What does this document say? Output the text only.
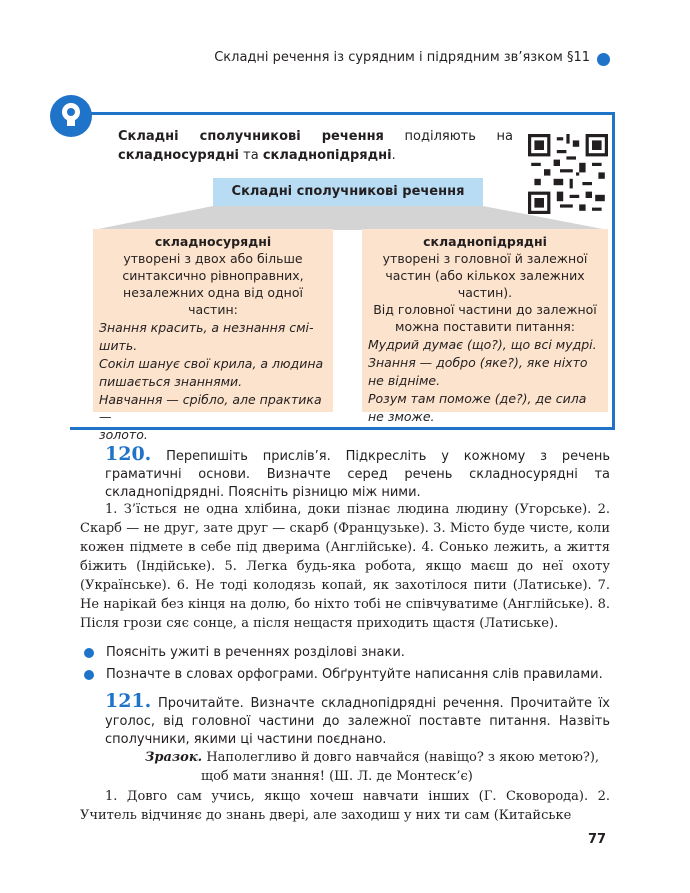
Складні речення із сурядним і підрядним зв’язком §11
Складні сполучникові речення поділяють на складносурядні та складнопідрядні.
Складні сполучникові речення
складносурядні
утворені з двох або більше
синтаксично рівноправних,
незалежних одна від одної частин:
Знання красить, а незнання смі-
шить.
Сокіл шанує свої крила, а людина
пишається знаннями.
Навчання — срібло, але практика —
золото.
складнопідрядні
утворені з головної й залежної
частин (або кількох залежних частин).
Від головної частини до залежної
можна поставити питання:
Мудрий думає (що?), що всі мудрі.
Знання — добро (яке?), яке ніхто
не відніме.
Розум там поможе (де?), де сила
не зможе.
120. Перепишіть прислів’я. Підкресліть у кожному з речень граматичні основи. Визначте серед речень складносурядні та складнопідрядні. Поясніть різницю між ними.

1. З’їсться не одна хлібина, доки пізнає людина людину (Угорське). 2. Скарб — не друг, зате друг — скарб (Французьке). 3. Місто буде чисте, коли кожен підмете в себе під дверима (Англійське). 4. Сонько лежить, а життя біжить (Індійське). 5. Легка будь-яка робота, якщо маєш до неї охоту (Українське). 6. Не тоді колодязь копай, як захотілося пити (Латиське). 7. Не нарікай без кінця на долю, бо ніхто тобі не співчуватиме (Англійське). 8. Після грози сяє сонце, а після нещастя приходить щастя (Латиське).

Поясніть ужиті в реченнях розділові знаки.
Позначте в словах орфограми. Обґрунтуйте написання слів правилами.
121. Прочитайте. Визначте складнопідрядні речення. Прочитайте їх уголос, від головної частини до залежної поставте питання. Назвіть сполучники, якими ці частини поєднано.
Зразок. Наполегливо й довго навчайся (навіщо? з якою метою?),
щоб мати знання! (Ш. Л. де Монтеск’є)

1. Довго сам учись, якщо хочеш навчати інших (Г. Сковорода). 2. Учитель відчиняє до знань двері, але заходиш у них ти сам (Китайське

77
